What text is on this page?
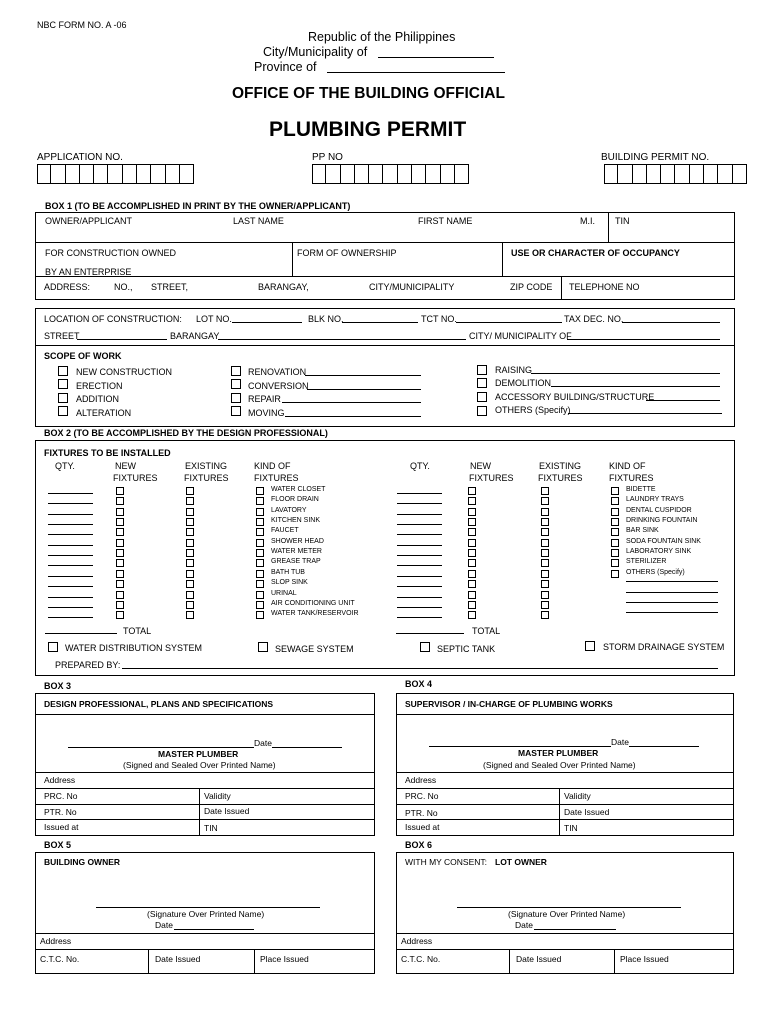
NBC FORM NO. A -06
Republic of the Philippines
City/Municipality of
Province of
OFFICE OF THE BUILDING OFFICIAL
PLUMBING PERMIT
APPLICATION NO.	PP NO	BUILDING PERMIT NO.
BOX 1 (TO BE ACCOMPLISHED IN PRINT BY THE OWNER/APPLICANT)
OWNER/APPLICANT	LAST NAME	FIRST NAME	M.I. TIN
FOR CONSTRUCTION OWNED
BY AN ENTERPRISE
FORM OF OWNERSHIP	USE OR CHARACTER OF OCCUPANCY
ADDRESS:	NO., STREET,	BARANGAY,	CITY/MUNICIPALITY	ZIP CODE TELEPHONE NO
LOCATION OF CONSTRUCTION: LOT NO.	BLK NO.	TCT NO.	TAX DEC. NO.
STREET	BARANGAY	CITY/ MUNICIPALITY OF
SCOPE OF WORK
NEW CONSTRUCTION
ERECTION
ADDITION
ALTERATION
RENOVATION
CONVERSION
REPAIR
MOVING
RAISING
DEMOLITION
ACCESSORY BUILDING/STRUCTURE
OTHERS (Specify)
BOX 2 (TO BE ACCOMPLISHED BY THE DESIGN PROFESSIONAL)
FIXTURES TO BE INSTALLED
QTY.	NEW
FIXTURES
EXISTING
FIXTURES
KIND OF
FIXTURES
QTY.	NEW
FIXTURES
EXISTING
FIXTURES
KIND OF
FIXTURES
WATER CLOSET
FLOOR DRAIN
LAVATORY
KITCHEN SINK
FAUCET
SHOWER HEAD
WATER METER
GREASE TRAP
BATH TUB
SLOP SINK
URINAL
AIR CONDITIONING UNIT
WATER TANK/RESERVOIR
BIDETTE
LAUNDRY TRAYS
DENTAL CUSPIDOR
DRINKING FOUNTAIN
BAR SINK
SODA FOUNTAIN SINK
LABORATORY SINK
STERILIZER
OTHERS (Specify)
TOTAL	TOTAL
WATER DISTRIBUTION SYSTEM	SEWAGE SYSTEM	SEPTIC TANK	STORM DRAINAGE SYSTEM
PREPARED BY:
BOX 3
DESIGN PROFESSIONAL, PLANS AND SPECIFICATIONS
Date
MASTER PLUMBER
(Signed and Sealed Over Printed Name)
Address
PRC. No	Validity
PTR. No	Date Issued
Issued at	TIN
BOX 4
SUPERVISOR / IN-CHARGE OF PLUMBING WORKS
Date
MASTER PLUMBER
(Signed and Sealed Over Printed Name)
Address
PRC. No	Validity
PTR. No	Date Issued
Issued at	TIN
BOX 5
BUILDING OWNER
(Signature Over Printed Name)
Date
Address
C.T.C. No.	Date Issued	Place Issued
BOX 6
WITH MY CONSENT: LOT OWNER
(Signature Over Printed Name)
Date
Address
C.T.C. No.	Date Issued	Place Issued
